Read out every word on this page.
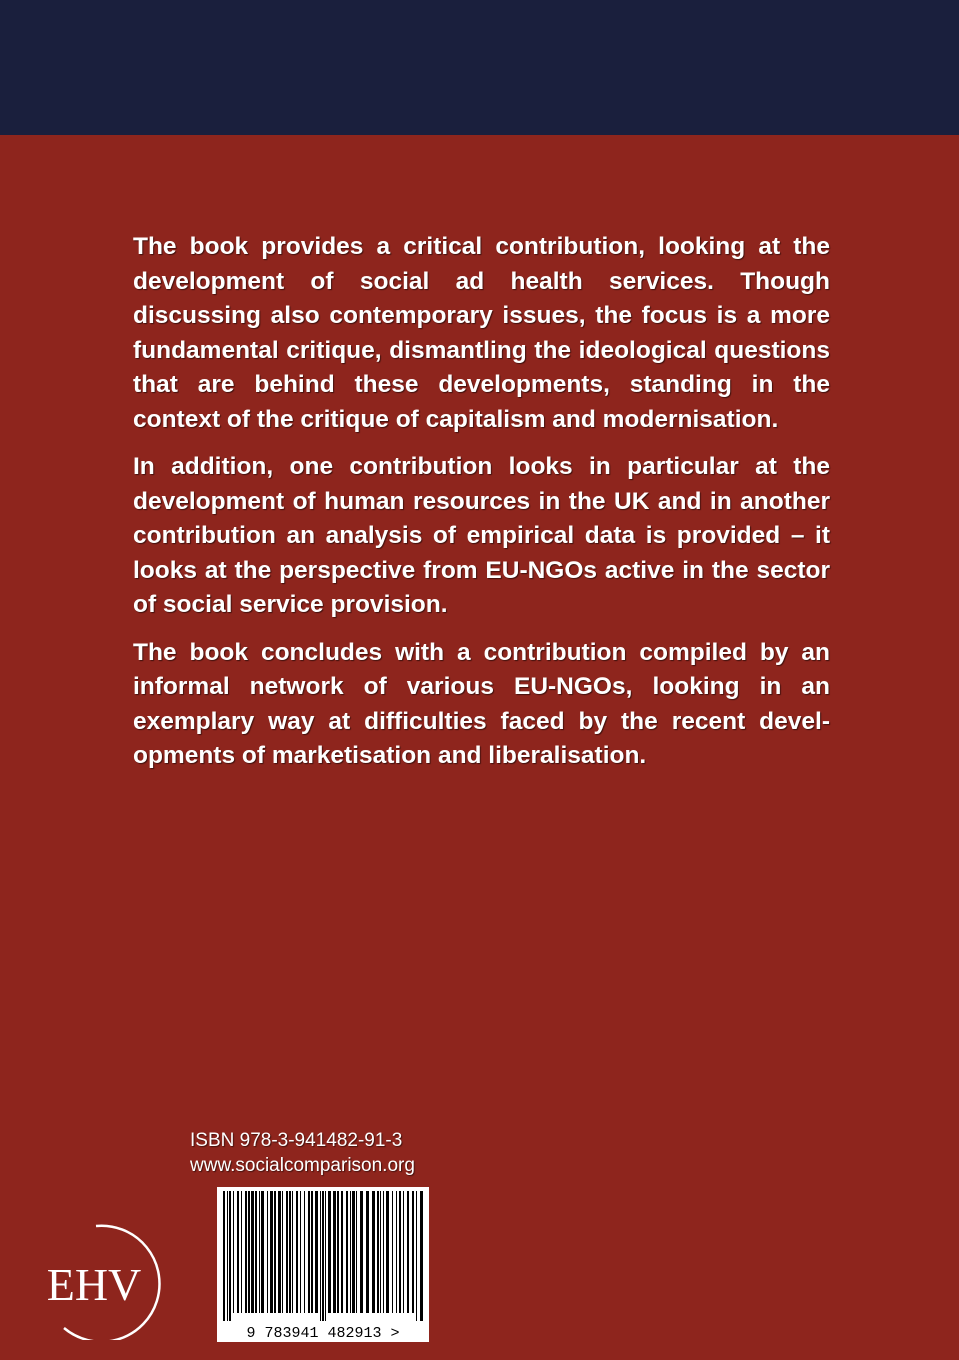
The book provides a critical contribution, looking at the development of social ad health services. Though discussing also contemporary issues, the focus is a more fundamental critique, dismantling the ideological questions that are behind these developments, standing in the context of the critique of capitalism and modernisation.

In addition, one contribution looks in particular at the development of human resources in the UK and in another contribution an analysis of empirical data is provided – it looks at the perspective from EU-NGOs active in the sector of social service provision.

The book concludes with a contribution compiled by an informal network of various EU-NGOs, looking in an exemplary way at difficulties faced by the recent developments of marketisation and liberalisation.

ISBN 978-3-941482-91-3
www.socialcomparison.org
9 783941 482913 >
EHV
